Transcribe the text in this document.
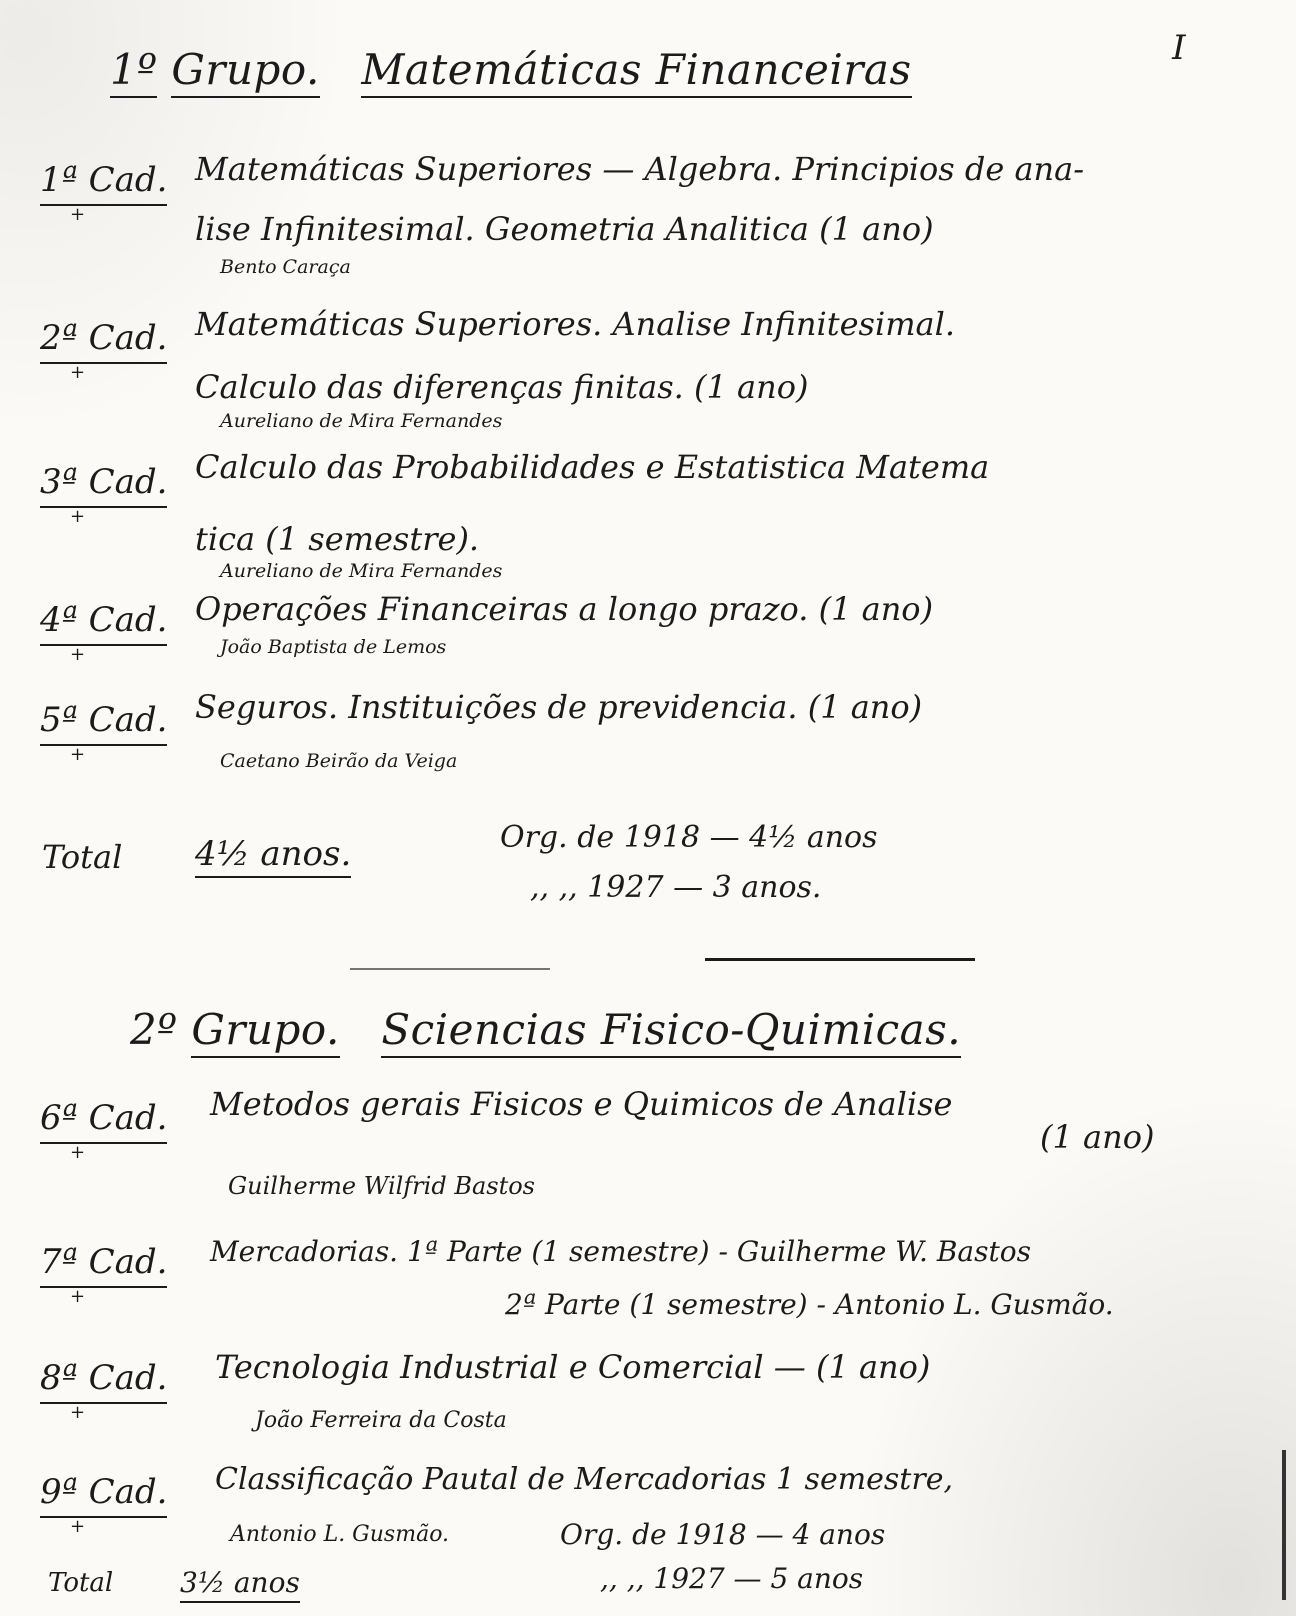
I
1º Grupo. Matemáticas Financeiras
1ª Cad.
+
Matemáticas Superiores — Algebra. Principios de ana-
lise Infinitesimal. Geometria Analitica (1 ano)
Bento Caraça
2ª Cad.
+
Matemáticas Superiores. Analise Infinitesimal.
Calculo das diferenças finitas. (1 ano)
Aureliano de Mira Fernandes
3ª Cad.
+
Calculo das Probabilidades e Estatistica Matema
tica (1 semestre).
Aureliano de Mira Fernandes
4ª Cad.
+
Operações Financeiras a longo prazo. (1 ano)
João Baptista de Lemos
5ª Cad.
+
Seguros. Instituições de previdencia. (1 ano)
Caetano Beirão da Veiga
Total 4½ anos.	Org. de 1918 — 4½ anos
,, ,, 1927 — 3 anos.
2º Grupo. Sciencias Fisico-Quimicas.
6ª Cad.
+
Metodos gerais Fisicos e Quimicos de Analise
(1 ano)
Guilherme Wilfrid Bastos
7ª Cad.
+
Mercadorias. 1ª Parte (1 semestre) - Guilherme W. Bastos
2ª Parte (1 semestre) - Antonio L. Gusmão.
8ª Cad.
+
Tecnologia Industrial e Comercial — (1 ano)
João Ferreira da Costa
9ª Cad.
+
Classificação Pautal de Mercadorias 1 semestre,
Antonio L. Gusmão.
Total 3½ anos
Org. de 1918 — 4 anos
,, ,, 1927 — 5 anos
